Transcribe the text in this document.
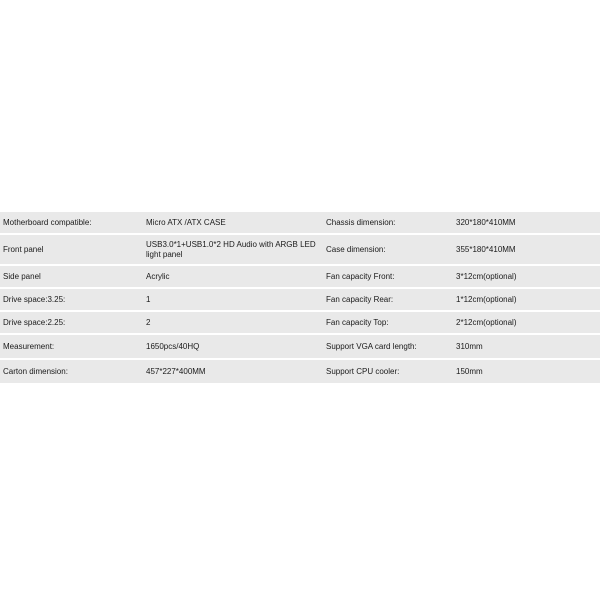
Motherboard compatible:	Micro ATX /ATX CASE	Chassis dimension:	320*180*410MM
Front panel	USB3.0*1+USB1.0*2 HD Audio with ARGB LED light panel	Case dimension:	355*180*410MM
Side panel	Acrylic	Fan capacity Front:	3*12cm(optional)
Drive space:3.25:	1	Fan capacity Rear:	1*12cm(optional)
Drive space:2.25:	2	Fan capacity Top:	2*12cm(optional)
Measurement:	1650pcs/40HQ	Support VGA card length:	310mm
Carton dimension:	457*227*400MM	Support CPU cooler:	150mm
